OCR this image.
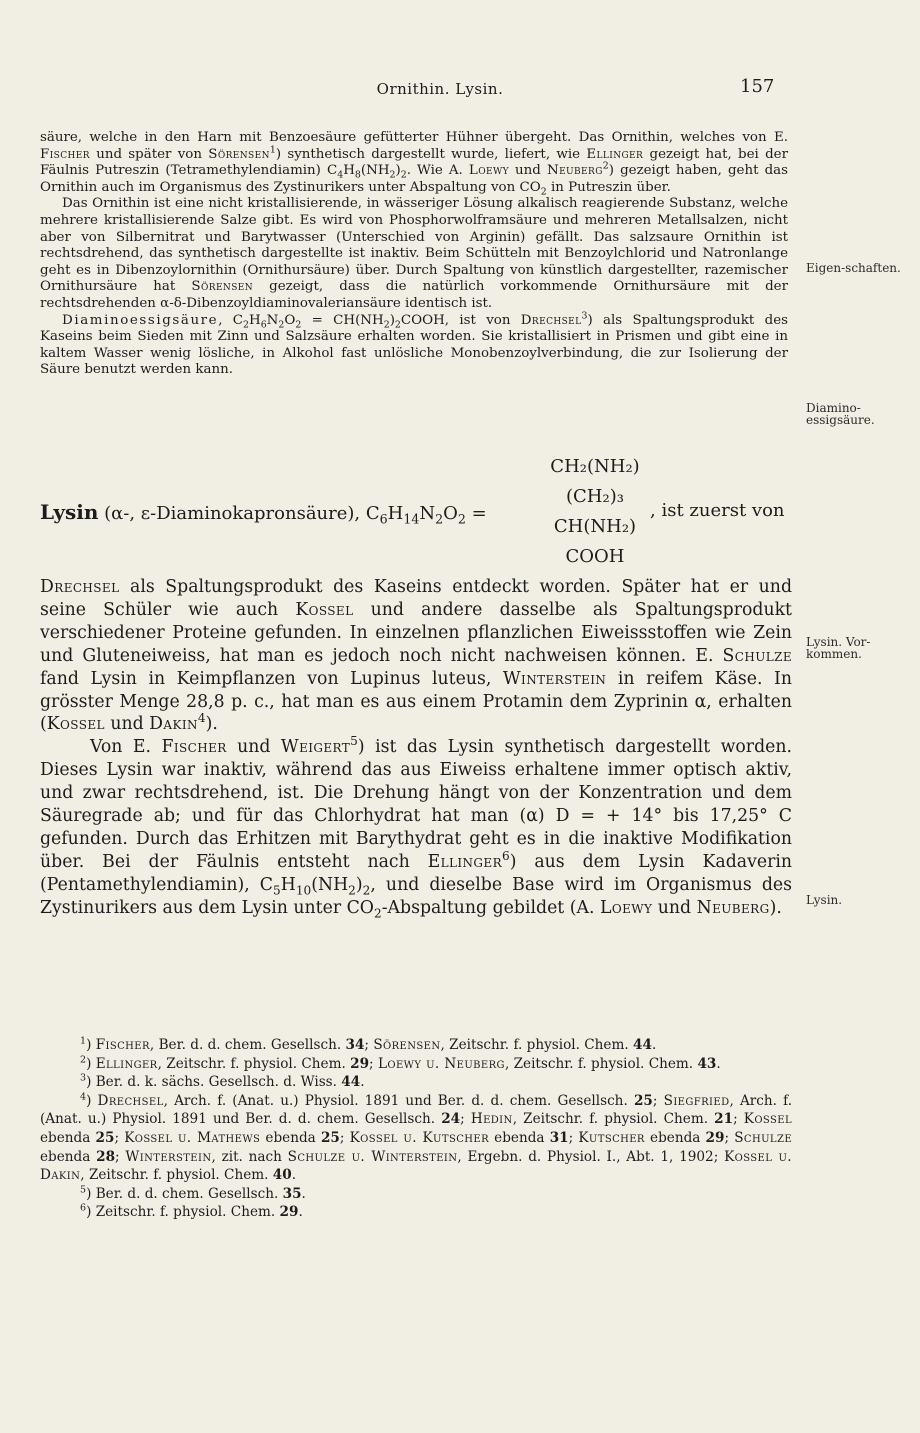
Ornithin. Lysin.	157

säure, welche in den Harn mit Benzoesäure gefütterter Hühner übergeht. Das Ornithin, welches von E. Fischer und später von Sörensen$^1$) synthetisch dargestellt wurde, liefert, wie Ellinger gezeigt hat, bei der Fäulnis Putreszin (Tetramethylendiamin) $C_4H_8(NH_2)_2$. Wie A. Loewy und Neuberg$^2$) gezeigt haben, geht das Ornithin auch im Organismus des Zystinurikers unter Abspaltung von $CO_2$ in Putreszin über.

Das Ornithin ist eine nicht kristallisierende, in wässeriger Lösung alkalisch reagierende Substanz, welche mehrere kristallisierende Salze gibt. Es wird von Phosphorwolframsäure und mehreren Metallsalzen, nicht aber von Silbernitrat und Barytwasser (Unterschied von Arginin) gefällt. Das salzsaure Ornithin ist rechtsdrehend, das synthetisch dargestellte ist inaktiv. Beim Schütteln mit Benzoylchlorid und Natronlange geht es in Dibenzoylornithin (Ornithursäure) über. Durch Spaltung von künstlich dargestellter, razemischer Ornithursäure hat Sörensen gezeigt, dass die natürlich vorkommende Ornithursäure mit der rechtsdrehenden α-δ-Dibenzoyldiaminovaleriansäure identisch ist.

Diaminoessigsäure, $C_2H_6N_2O_2$ = $CH(NH_2)_2COOH$, ist von Drechsel$^3$) als Spaltungsprodukt des Kaseins beim Sieden mit Zinn und Salzsäure erhalten worden. Sie kristallisiert in Prismen und gibt eine in kaltem Wasser wenig lösliche, in Alkohol fast unlösliche Monobenzoylverbindung, die zur Isolierung der Säure benutzt werden kann.

Lysin (α-, ε-Diaminokapronsäure), $C_6H_{14}N_2O_2$ =
CH₂(NH₂)
(CH₂)₃
CH(NH₂)
COOH
, ist zuerst von

Drechsel als Spaltungsprodukt des Kaseins entdeckt worden. Später hat er und seine Schüler wie auch Kossel und andere dasselbe als Spaltungsprodukt verschiedener Proteine gefunden. In einzelnen pflanzlichen Eiweissstoffen wie Zein und Gluteneiweiss, hat man es jedoch noch nicht nachweisen können. E. Schulze fand Lysin in Keimpflanzen von Lupinus luteus, Winterstein in reifem Käse. In grösster Menge 28,8 p. c., hat man es aus einem Protamin dem Zyprinin α, erhalten (Kossel und Dakin$^4$).

Von E. Fischer und Weigert$^5$) ist das Lysin synthetisch dargestellt worden. Dieses Lysin war inaktiv, während das aus Eiweiss erhaltene immer optisch aktiv, und zwar rechtsdrehend, ist. Die Drehung hängt von der Konzentration und dem Säuregrade ab; und für das Chlorhydrat hat man (α) D = + 14° bis 17,25° C gefunden. Durch das Erhitzen mit Barythydrat geht es in die inaktive Modifikation über. Bei der Fäulnis entsteht nach Ellinger$^6$) aus dem Lysin Kadaverin (Pentamethylendiamin), $C_5H_{10}(NH_2)_2$, und dieselbe Base wird im Organismus des Zystinurikers aus dem Lysin unter $CO_2$-Abspaltung gebildet (A. Loewy und Neuberg).

Eigen-schaften.
Diamino-essigsäure.
Lysin. Vor-kommen.
Lysin.

$^1$) Fischer, Ber. d. d. chem. Gesellsch. 34; Sörensen, Zeitschr. f. physiol. Chem. 44.

$^2$) Ellinger, Zeitschr. f. physiol. Chem. 29; Loewy u. Neuberg, Zeitschr. f. physiol. Chem. 43.

$^3$) Ber. d. k. sächs. Gesellsch. d. Wiss. 44.

$^4$) Drechsel, Arch. f. (Anat. u.) Physiol. 1891 und Ber. d. d. chem. Gesellsch. 25; Siegfried, Arch. f. (Anat. u.) Physiol. 1891 und Ber. d. d. chem. Gesellsch. 24; Hedin, Zeitschr. f. physiol. Chem. 21; Kossel ebenda 25; Kossel u. Mathews ebenda 25; Kossel u. Kutscher ebenda 31; Kutscher ebenda 29; Schulze ebenda 28; Winterstein, zit. nach Schulze u. Winterstein, Ergebn. d. Physiol. I., Abt. 1, 1902; Kossel u. Dakin, Zeitschr. f. physiol. Chem. 40.

$^5$) Ber. d. d. chem. Gesellsch. 35.

$^6$) Zeitschr. f. physiol. Chem. 29.
